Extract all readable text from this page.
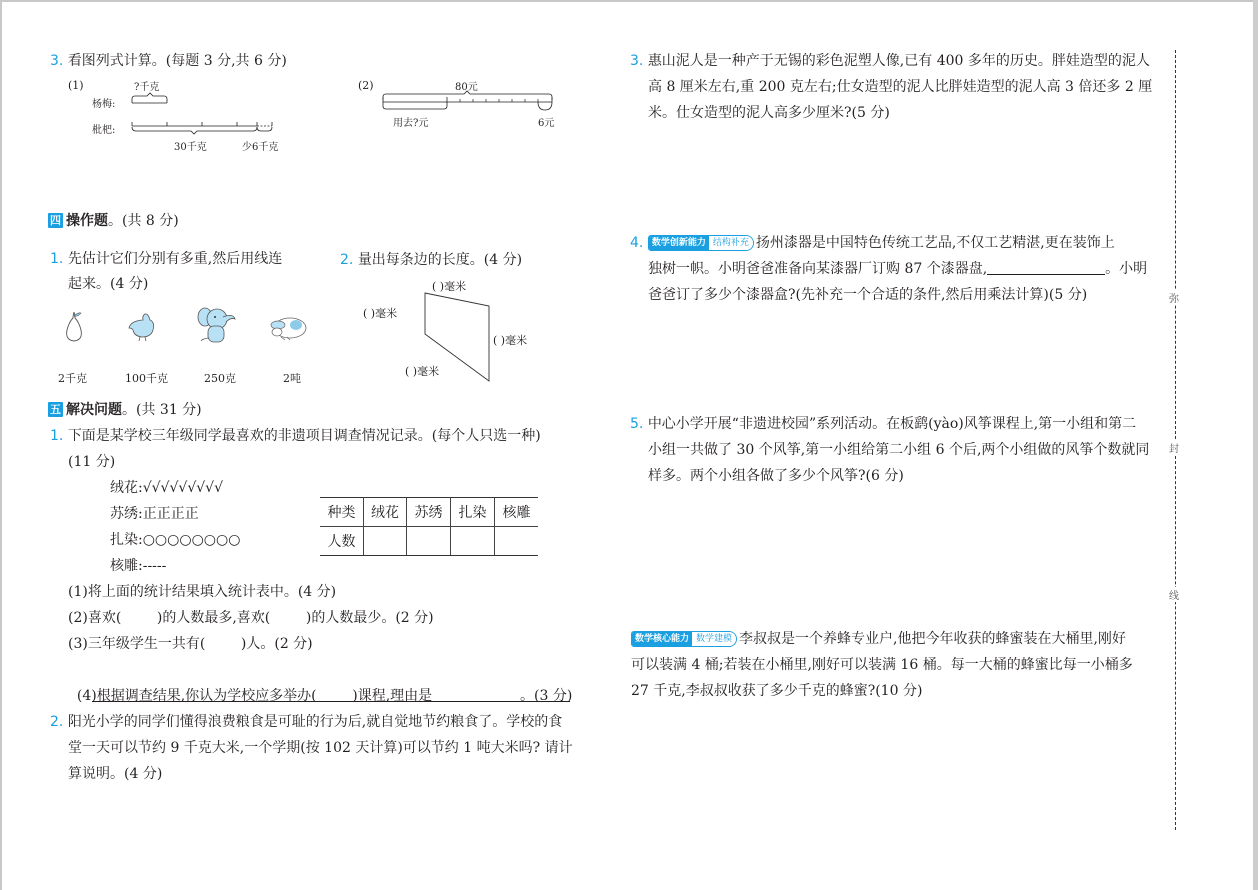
3. 看图列式计算。(每题 3 分,共 6 分)
(1)	?千克
杨梅:
枇杷:
30千克	少6千克
(2)	80元
用去?元	6元
四 操作题。(共 8 分)
1. 先估计它们分别有多重,然后用线连
起来。(4 分)
2千克	100千克	250克	2吨
2. 量出每条边的长度。(4 分)
( )毫米
( )毫米
( )毫米
( )毫米
五 解决问题。(共 31 分)
1. 下面是某学校三年级同学最喜欢的非遗项目调查情况记录。(每个人只选一种)
(11 分)
绒花:√√√√√√√√√
苏绣:正正正正
扎染:○○○○○○○○
核雕:-----
种类	绒花	苏绣	扎染	核雕
人数				
(1)将上面的统计结果填入统计表中。(4 分)
(2)喜欢(        )的人数最多,喜欢(        )的人数最少。(2 分)
(3)三年级学生一共有(        )人。(2 分)

(4)根据调查结果,你认为学校应多举办(        )课程,理由是	。(3 分)
2. 阳光小学的同学们懂得浪费粮食是可耻的行为后,就自觉地节约粮食了。学校的食
堂一天可以节约 9 千克大米,一个学期(按 102 天计算)可以节约 1 吨大米吗? 请计
算说明。(4 分)
3. 惠山泥人是一种产于无锡的彩色泥塑人像,已有 400 多年的历史。胖娃造型的泥人
高 8 厘米左右,重 200 克左右;仕女造型的泥人比胖娃造型的泥人高 3 倍还多 2 厘
米。仕女造型的泥人高多少厘米?(5 分)
4. 数学创新能力 结构补充 扬州漆器是中国特色传统工艺品,不仅工艺精湛,更在装饰上
独树一帜。小明爸爸准备向某漆器厂订购 87 个漆器盘,	。小明
爸爸订了多少个漆器盒?(先补充一个合适的条件,然后用乘法计算)(5 分)
5. 中心小学开展“非遗进校园”系列活动。在板鹞(yào)风筝课程上,第一小组和第二
小组一共做了 30 个风筝,第一小组给第二小组 6 个后,两个小组做的风筝个数就同
样多。两个小组各做了多少个风筝?(6 分)
数学核心能力 数学建模 李叔叔是一个养蜂专业户,他把今年收获的蜂蜜装在大桶里,刚好
可以装满 4 桶;若装在小桶里,刚好可以装满 16 桶。每一大桶的蜂蜜比每一小桶多
27 千克,李叔叔收获了多少千克的蜂蜜?(10 分)
弥
封
线
